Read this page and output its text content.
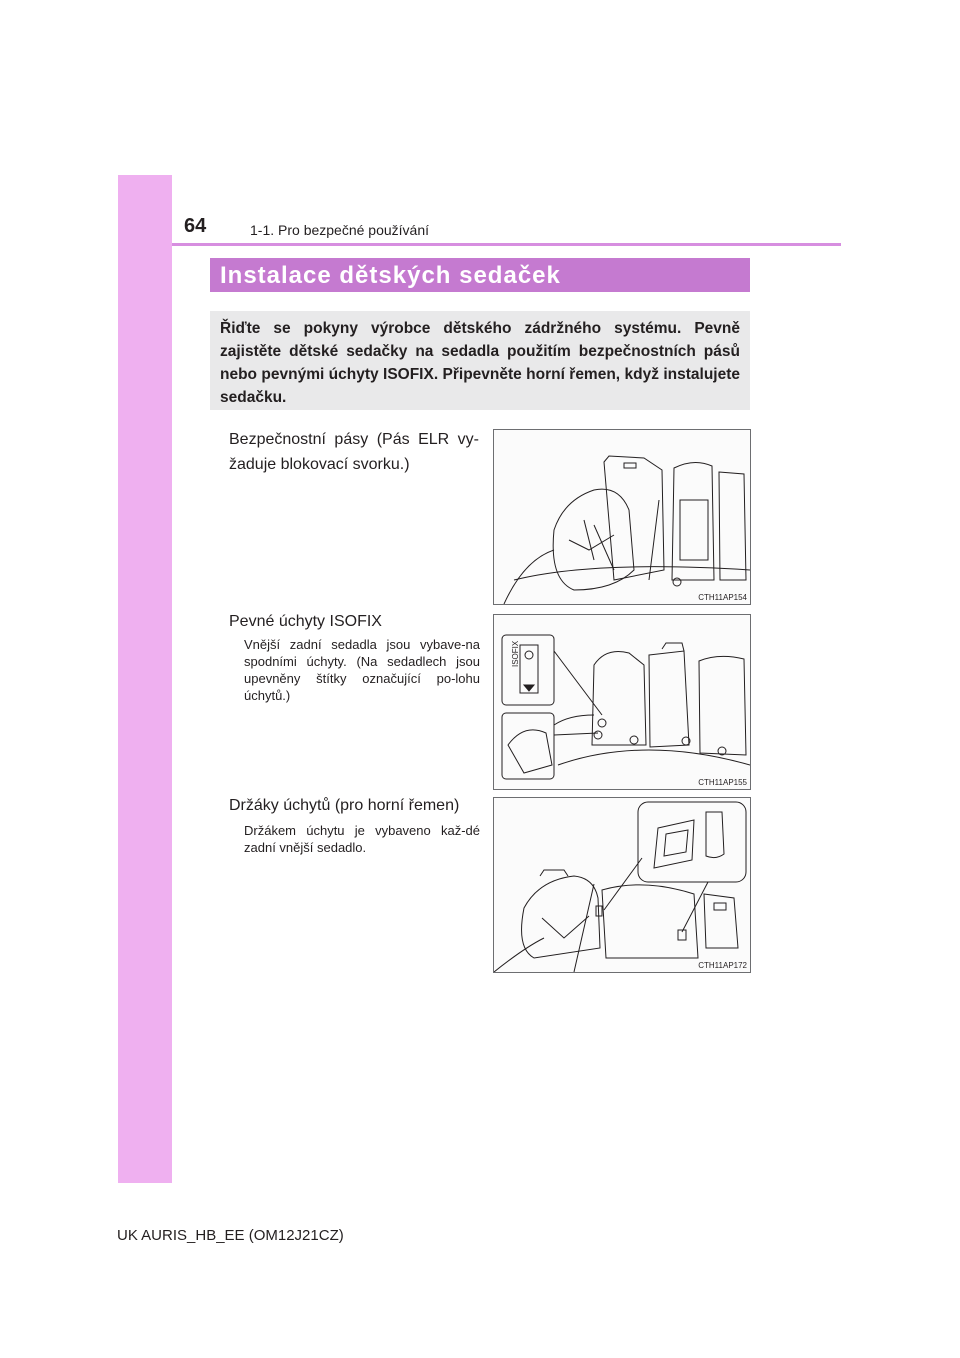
64	1-1. Pro bezpečné používání
Instalace dětských sedaček
Řiďte se pokyny výrobce dětského zádržného systému. Pevně zajistěte dětské sedačky na sedadla použitím bezpečnostních pásů nebo pevnými úchyty ISOFIX. Připevněte horní řemen, když instalujete sedačku.
Bezpečnostní pásy (Pás ELR vy-žaduje blokovací svorku.)
CTH11AP154
Pevné úchyty ISOFIX
Vnější zadní sedadla jsou vybave-na spodními úchyty. (Na sedadlech jsou upevněny štítky označující po-lohu úchytů.)
ISOFIX
CTH11AP155
Držáky úchytů (pro horní řemen)
Držákem úchytu je vybaveno kaž-dé zadní vnější sedadlo.
CTH11AP172
UK AURIS_HB_EE (OM12J21CZ)
